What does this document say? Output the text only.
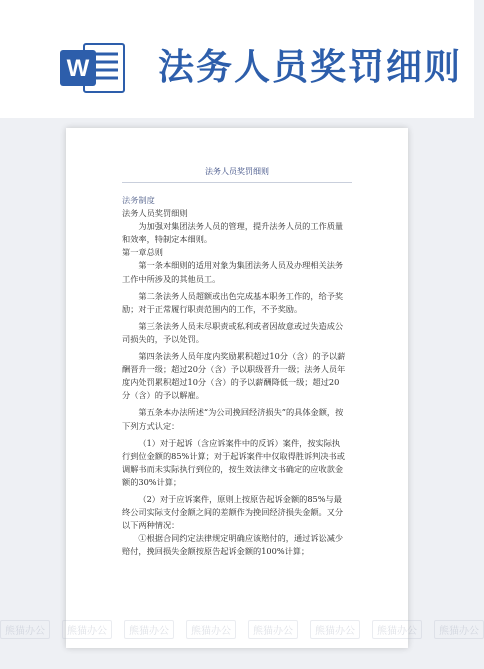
W 法务人员奖罚细则
法务人员奖罚细则

法务制度

法务人员奖罚细则

为加强对集团法务人员的管理，提升法务人员的工作质量和效率，特制定本细则。

第一章总则

第一条本细则的适用对象为集团法务人员及办理相关法务工作中所涉及的其他员工。

第二条法务人员超额或出色完成基本职务工作的，给予奖励；对于正常履行职责范围内的工作，不予奖励。

第三条法务人员未尽职责或私利或者因故意或过失造成公司损失的，予以处罚。

第四条法务人员年度内奖励累积超过10分（含）的予以薪酬晋升一级；超过20分（含）予以职级晋升一级；法务人员年度内处罚累积超过10分（含）的予以薪酬降低一级；超过20分（含）的予以解雇。

第五条本办法所述“为公司挽回经济损失”的具体金额，按下列方式认定：

（1）对于起诉（含应诉案件中的反诉）案件，按实际执行到位金额的85%计算；对于起诉案件中仅取得胜诉判决书或调解书而未实际执行到位的，按生效法律文书确定的应收款金额的30%计算；

（2）对于应诉案件，原则上按原告起诉金额的85%与最终公司实际支付金额之间的差额作为挽回经济损失金额。又分以下两种情况：

①根据合同约定法律规定明确应该赔付的，通过诉讼减少赔付，挽回损失金额按原告起诉金额的100%计算；

熊猫办公	熊猫办公	熊猫办公	熊猫办公	熊猫办公	熊猫办公	熊猫办公	熊猫办公
